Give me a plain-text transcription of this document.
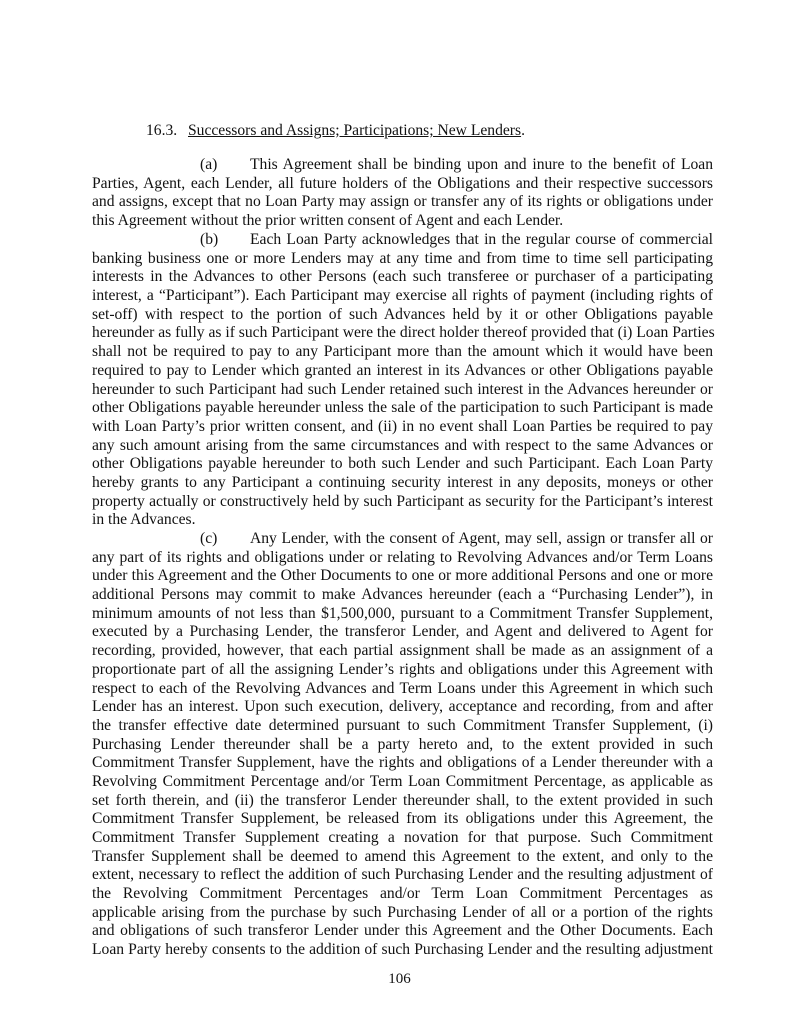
16.3. Successors and Assigns; Participations; New Lenders.
(a) This Agreement shall be binding upon and inure to the benefit of Loan
Parties, Agent, each Lender, all future holders of the Obligations and their respective successors
and assigns, except that no Loan Party may assign or transfer any of its rights or obligations under
this Agreement without the prior written consent of Agent and each Lender.
(b) Each Loan Party acknowledges that in the regular course of commercial
banking business one or more Lenders may at any time and from time to time sell participating
interests in the Advances to other Persons (each such transferee or purchaser of a participating
interest, a “Participant”). Each Participant may exercise all rights of payment (including rights of
set-off) with respect to the portion of such Advances held by it or other Obligations payable
hereunder as fully as if such Participant were the direct holder thereof provided that (i) Loan Parties
shall not be required to pay to any Participant more than the amount which it would have been
required to pay to Lender which granted an interest in its Advances or other Obligations payable
hereunder to such Participant had such Lender retained such interest in the Advances hereunder or
other Obligations payable hereunder unless the sale of the participation to such Participant is made
with Loan Party’s prior written consent, and (ii) in no event shall Loan Parties be required to pay
any such amount arising from the same circumstances and with respect to the same Advances or
other Obligations payable hereunder to both such Lender and such Participant. Each Loan Party
hereby grants to any Participant a continuing security interest in any deposits, moneys or other
property actually or constructively held by such Participant as security for the Participant’s interest
in the Advances.
(c) Any Lender, with the consent of Agent, may sell, assign or transfer all or
any part of its rights and obligations under or relating to Revolving Advances and/or Term Loans
under this Agreement and the Other Documents to one or more additional Persons and one or more
additional Persons may commit to make Advances hereunder (each a “Purchasing Lender”), in
minimum amounts of not less than $1,500,000, pursuant to a Commitment Transfer Supplement,
executed by a Purchasing Lender, the transferor Lender, and Agent and delivered to Agent for
recording, provided, however, that each partial assignment shall be made as an assignment of a
proportionate part of all the assigning Lender’s rights and obligations under this Agreement with
respect to each of the Revolving Advances and Term Loans under this Agreement in which such
Lender has an interest. Upon such execution, delivery, acceptance and recording, from and after
the transfer effective date determined pursuant to such Commitment Transfer Supplement, (i)
Purchasing Lender thereunder shall be a party hereto and, to the extent provided in such
Commitment Transfer Supplement, have the rights and obligations of a Lender thereunder with a
Revolving Commitment Percentage and/or Term Loan Commitment Percentage, as applicable as
set forth therein, and (ii) the transferor Lender thereunder shall, to the extent provided in such
Commitment Transfer Supplement, be released from its obligations under this Agreement, the
Commitment Transfer Supplement creating a novation for that purpose. Such Commitment
Transfer Supplement shall be deemed to amend this Agreement to the extent, and only to the
extent, necessary to reflect the addition of such Purchasing Lender and the resulting adjustment of
the Revolving Commitment Percentages and/or Term Loan Commitment Percentages as
applicable arising from the purchase by such Purchasing Lender of all or a portion of the rights
and obligations of such transferor Lender under this Agreement and the Other Documents. Each
Loan Party hereby consents to the addition of such Purchasing Lender and the resulting adjustment
106
